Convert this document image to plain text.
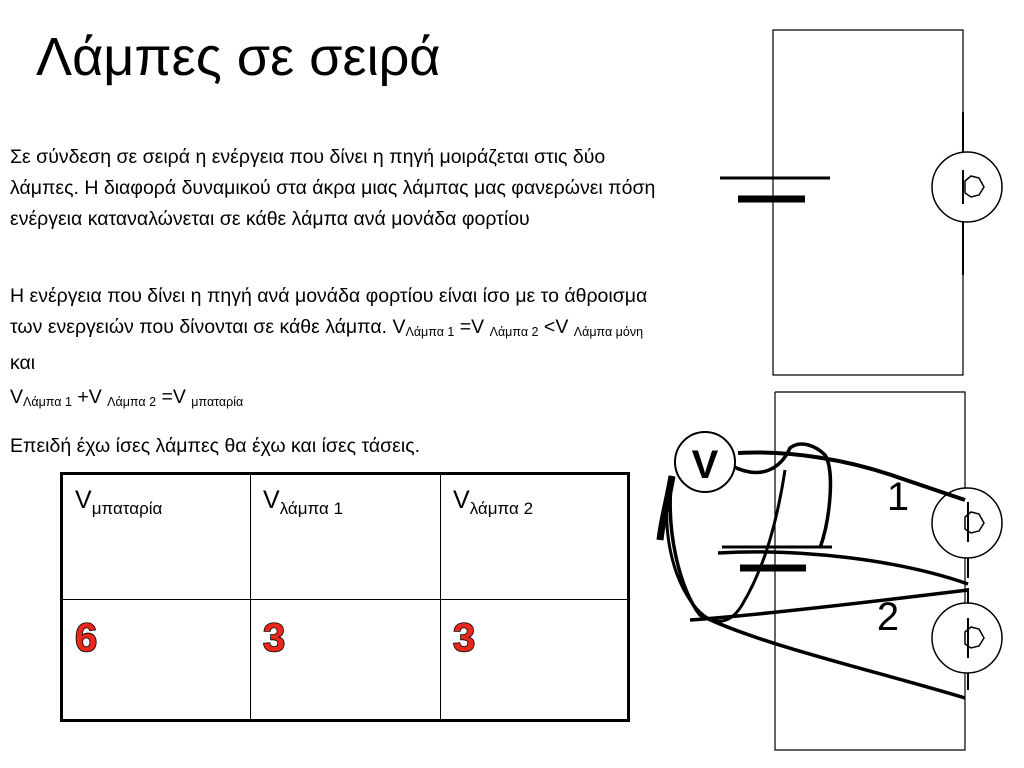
Λάμπες σε σειρά

Σε σύνδεση σε σειρά η ενέργεια που δίνει η πηγή μοιράζεται στις δύο λάμπες. Η διαφορά δυναμικού στα άκρα μιας λάμπας μας φανερώνει πόση ενέργεια καταναλώνεται σε κάθε λάμπα ανά μονάδα φορτίου

Η ενέργεια που δίνει η πηγή ανά μονάδα φορτίου είναι ίσο με το άθροισμα των ενεργειών που δίνονται σε κάθε λάμπα. $V_{\Lambda ά\mu\pi\alpha 1} =V$ $_{\Lambda ά\mu\pi\alpha 2}$ <V $_{\Lambda ά\mu\pi\alpha \mu ό\nu\eta}$ και

$V_{\Lambda ά\mu\pi\alpha 1} +V$ $_{\Lambda ά\mu\pi\alpha 2}$ =V $_{\mu\pi\alpha\tau\alpha\rho ί\alpha}$

Επειδή έχω ίσες λάμπες θα έχω και ίσες τάσεις.

$V_{\mu\pi\alpha\tau\alpha\rho ί\alpha}$	$V_{\lambda ά\mu\pi\alpha 1}$	$V_{\lambda ά\mu\pi\alpha 2}$
6	3	3
V
1
2
